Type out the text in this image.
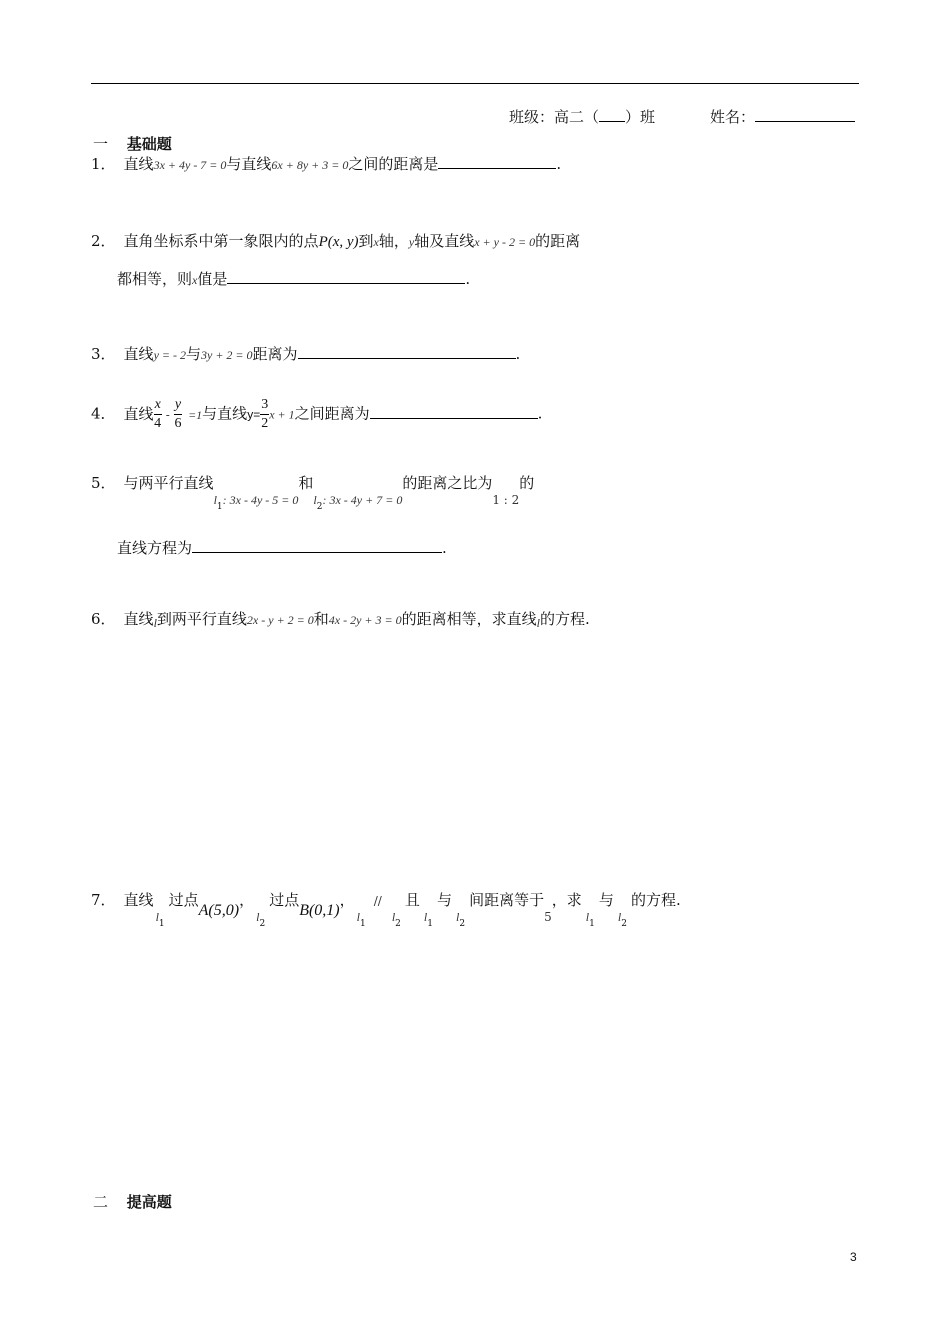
班级：高二（ ）班	姓名：
一 基础题
1． 直线3x + 4y - 7 = 0与直线6x + 8y + 3 = 0之间的距离是	.
2． 直角坐标系中第一象限内的点P(x, y)到x轴，y轴及直线x + y - 2 = 0的距离
都相等，则x值是	.
3． 直线y = - 2与3y + 2 = 0距离为	.
4． 直线 $\frac{x}{4} - \frac{y}{6} =1$与直线$y= \frac{3}{2}$ x + 1之间距离为	.
5． 与两平行直线$l_1$: 3x - 4y - 5 = 0和$l_2$: 3x - 4y + 7 = 0的距离之比为1 : 2的
直线方程为	.
6． 直线$_l$到两平行直线2x - y + 2 = 0和4x - 2y + 3 = 0的距离相等，求直线$_l$的方程.
7． 直线$l_1$过点A(5,0)，$l_2$过点B(0,1)，$l_1//l_2$且$l_1$与$l_2$间距离等于5，求$l_1$与$l_2$的方程.
二 提高题
3
